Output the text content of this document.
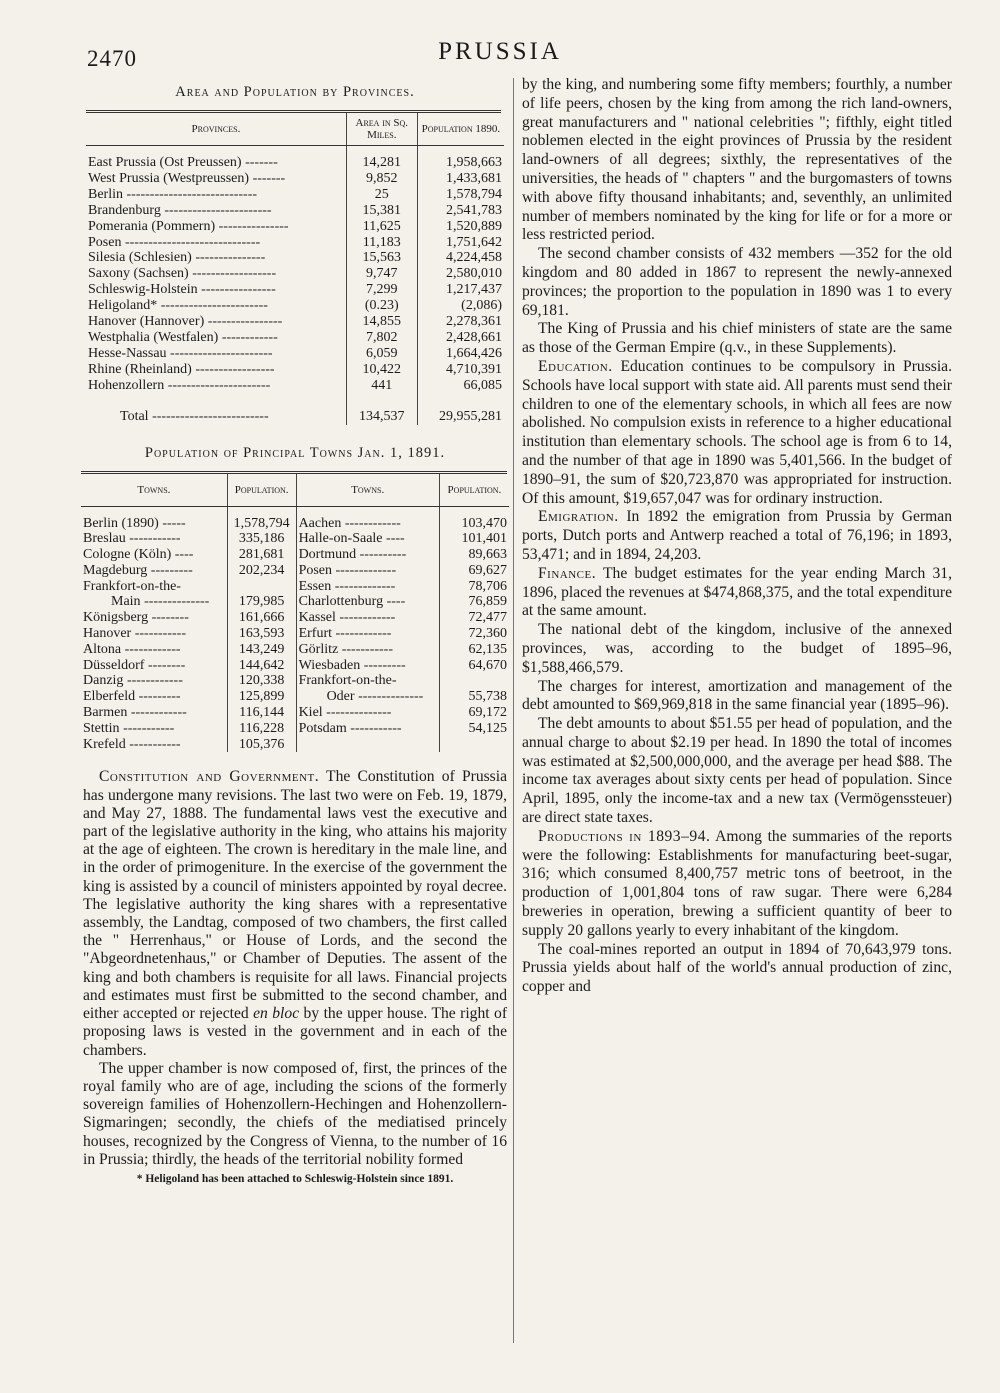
2470	PRUSSIA
Area and Population by Provinces.
Provinces.	Area in Sq. Miles.	Population 1890.

East Prussia (Ost Preussen) -------	14,281	1,958,663
West Prussia (Westpreussen) -------	9,852	1,433,681
Berlin ----------------------------	25	1,578,794
Brandenburg -----------------------	15,381	2,541,783
Pomerania (Pommern) ---------------	11,625	1,520,889
Posen -----------------------------	11,183	1,751,642
Silesia (Schlesien) ---------------	15,563	4,224,458
Saxony (Sachsen) ------------------	9,747	2,580,010
Schleswig-Holstein ----------------	7,299	1,217,437
Heligoland* -----------------------	(0.23)	(2,086)
Hanover (Hannover) ----------------	14,855	2,278,361
Westphalia (Westfalen) ------------	7,802	2,428,661
Hesse-Nassau ----------------------	6,059	1,664,426
Rhine (Rheinland) -----------------	10,422	4,710,391
Hohenzollern ----------------------	441	66,085

Total -------------------------	134,537	29,955,281
Population of Principal Towns Jan. 1, 1891.
Towns.	Population.	Towns.	Population.

Berlin (1890) -----	1,578,794	Aachen ------------	103,470
Breslau -----------	335,186	Halle-on-Saale ----	101,401
Cologne (Köln) ----	281,681	Dortmund ----------	89,663
Magdeburg ---------	202,234	Posen -------------	69,627
Frankfort-on-the-		Essen -------------	78,706
Main --------------	179,985	Charlottenburg ----	76,859
Königsberg --------	161,666	Kassel ------------	72,477
Hanover -----------	163,593	Erfurt ------------	72,360
Altona ------------	143,249	Görlitz -----------	62,135
Düsseldorf --------	144,642	Wiesbaden ---------	64,670
Danzig ------------	120,338	Frankfort-on-the-	
Elberfeld ---------	125,899	Oder --------------	55,738
Barmen ------------	116,144	Kiel --------------	69,172
Stettin -----------	116,228	Potsdam -----------	54,125
Krefeld -----------	105,376		

Constitution and Government. The Constitution of Prussia has undergone many revisions. The last two were on Feb. 19, 1879, and May 27, 1888. The fundamental laws vest the executive and part of the legislative authority in the king, who attains his majority at the age of eighteen. The crown is hereditary in the male line, and in the order of primogeniture. In the exercise of the government the king is assisted by a council of ministers appointed by royal decree. The legislative authority the king shares with a representative assembly, the Landtag, composed of two chambers, the first called the " Herrenhaus," or House of Lords, and the second the "Abgeordnetenhaus," or Chamber of Deputies. The assent of the king and both chambers is requisite for all laws. Financial projects and estimates must first be submitted to the second chamber, and either accepted or rejected en bloc by the upper house. The right of proposing laws is vested in the government and in each of the chambers.

The upper chamber is now composed of, first, the princes of the royal family who are of age, including the scions of the formerly sovereign families of Hohenzollern-Hechingen and Hohenzollern-Sigmaringen; secondly, the chiefs of the mediatised princely houses, recognized by the Congress of Vienna, to the number of 16 in Prussia; thirdly, the heads of the territorial nobility formed

* Heligoland has been attached to Schleswig-Holstein since 1891.

by the king, and numbering some fifty members; fourthly, a number of life peers, chosen by the king from among the rich land-owners, great manufacturers and " national celebrities "; fifthly, eight titled noblemen elected in the eight provinces of Prussia by the resident land-owners of all degrees; sixthly, the representatives of the universities, the heads of " chapters " and the burgomasters of towns with above fifty thousand inhabitants; and, seventhly, an unlimited number of members nominated by the king for life or for a more or less restricted period.

The second chamber consists of 432 members —352 for the old kingdom and 80 added in 1867 to represent the newly-annexed provinces; the proportion to the population in 1890 was 1 to every 69,181.

The King of Prussia and his chief ministers of state are the same as those of the German Empire (q.v., in these Supplements).

Education. Education continues to be compulsory in Prussia. Schools have local support with state aid. All parents must send their children to one of the elementary schools, in which all fees are now abolished. No compulsion exists in reference to a higher educational institution than elementary schools. The school age is from 6 to 14, and the number of that age in 1890 was 5,401,566. In the budget of 1890–91, the sum of $20,723,870 was appropriated for instruction. Of this amount, $19,657,047 was for ordinary instruction.

Emigration. In 1892 the emigration from Prussia by German ports, Dutch ports and Antwerp reached a total of 76,196; in 1893, 53,471; and in 1894, 24,203.

Finance. The budget estimates for the year ending March 31, 1896, placed the revenues at $474,868,375, and the total expenditure at the same amount.

The national debt of the kingdom, inclusive of the annexed provinces, was, according to the budget of 1895–96, $1,588,466,579.

The charges for interest, amortization and management of the debt amounted to $69,969,818 in the same financial year (1895–96).

The debt amounts to about $51.55 per head of population, and the annual charge to about $2.19 per head. In 1890 the total of incomes was estimated at $2,500,000,000, and the average per head $88. The income tax averages about sixty cents per head of population. Since April, 1895, only the income-tax and a new tax (Vermögenssteuer) are direct state taxes.

Productions in 1893–94. Among the summaries of the reports were the following: Establishments for manufacturing beet-sugar, 316; which consumed 8,400,757 metric tons of beetroot, in the production of 1,001,804 tons of raw sugar. There were 6,284 breweries in operation, brewing a sufficient quantity of beer to supply 20 gallons yearly to every inhabitant of the kingdom.

The coal-mines reported an output in 1894 of 70,643,979 tons. Prussia yields about half of the world's annual production of zinc, copper and
